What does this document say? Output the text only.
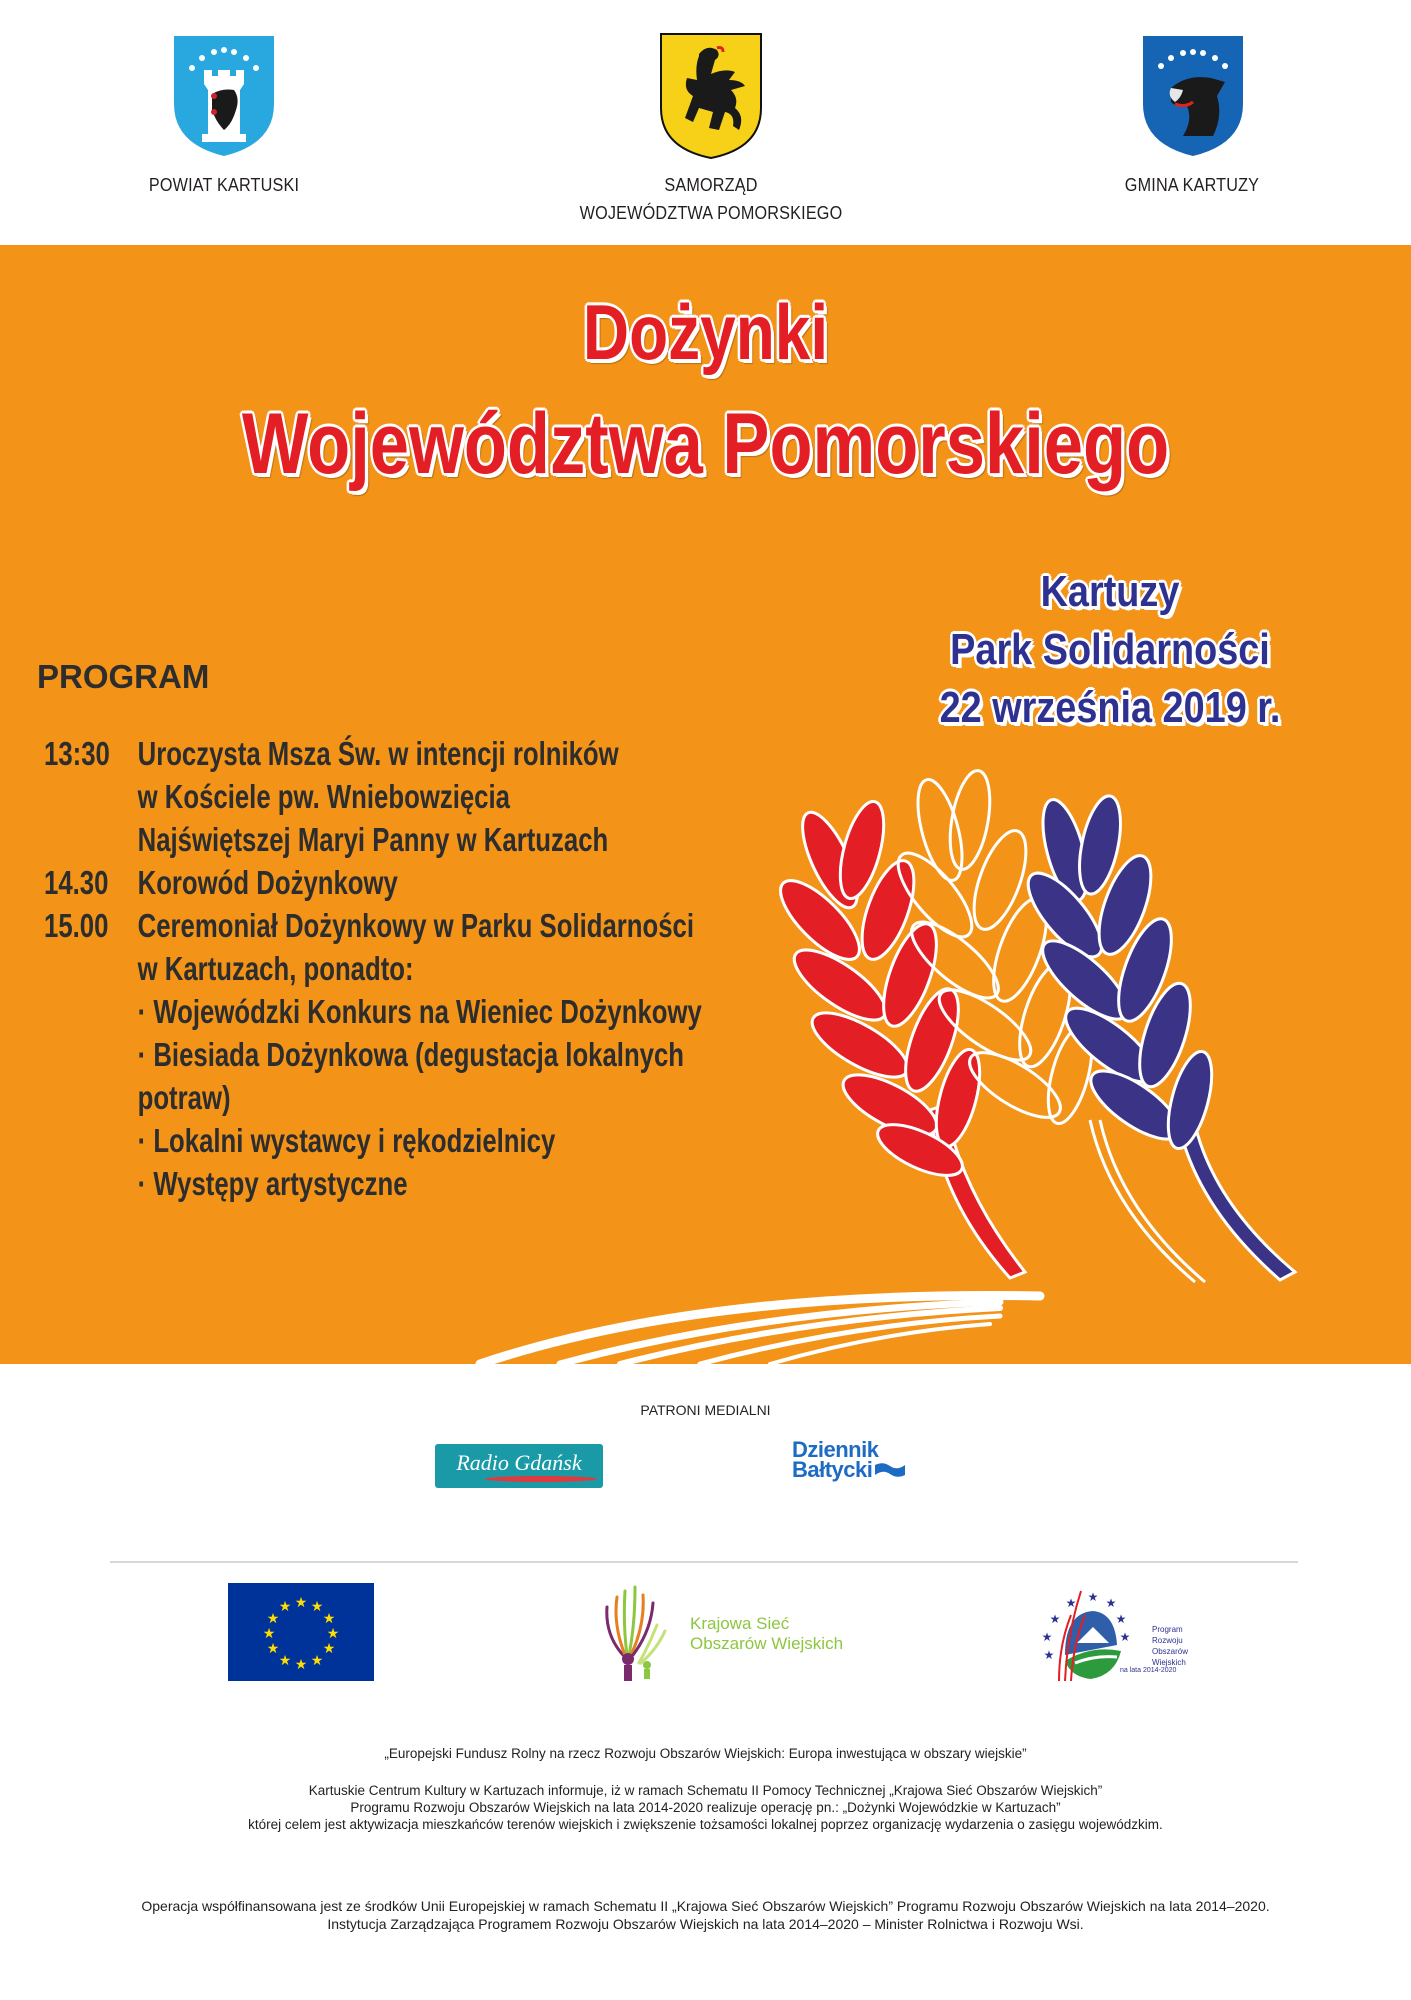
POWIAT KARTUSKI	SAMORZĄD
WOJEWÓDZTWA POMORSKIEGO
GMINA KARTUZY
Dożynki
Województwa Pomorskiego
Kartuzy
Park Solidarności
22 września 2019 r.
PROGRAM
13:30 Uroczysta Msza Św. w intencji rolników
w Kościele pw. Wniebowzięcia
Najświętszej Maryi Panny w Kartuzach
14.30 Korowód Dożynkowy
15.00 Ceremoniał Dożynkowy w Parku Solidarności
w Kartuzach, ponadto:
· Wojewódzki Konkurs na Wieniec Dożynkowy
· Biesiada Dożynkowa (degustacja lokalnych
potraw)
· Lokalni wystawcy i rękodzielnicy
· Występy artystyczne
PATRONI MEDIALNI
Radio Gdańsk
Dziennik
Bałtycki
★ ★
★
★
★
★
★
★
★
★
★
★
Krajowa Sieć
Obszarów Wiejskich
★ ★
★
★
★
★
★
★
Program
Rozwoju
Obszarów
Wiejskich
na lata 2014-2020
„Europejski Fundusz Rolny na rzecz Rozwoju Obszarów Wiejskich: Europa inwestująca w obszary wiejskie”
Kartuskie Centrum Kultury w Kartuzach informuje, iż w ramach Schematu II Pomocy Technicznej „Krajowa Sieć Obszarów Wiejskich”
Programu Rozwoju Obszarów Wiejskich na lata 2014-2020 realizuje operację pn.: „Dożynki Wojewódzkie w Kartuzach”
której celem jest aktywizacja mieszkańców terenów wiejskich i zwiększenie tożsamości lokalnej poprzez organizację wydarzenia o zasięgu wojewódzkim.
Operacja współfinansowana jest ze środków Unii Europejskiej w ramach Schematu II „Krajowa Sieć Obszarów Wiejskich” Programu Rozwoju Obszarów Wiejskich na lata 2014–2020.
Instytucja Zarządzająca Programem Rozwoju Obszarów Wiejskich na lata 2014–2020 – Minister Rolnictwa i Rozwoju Wsi.
